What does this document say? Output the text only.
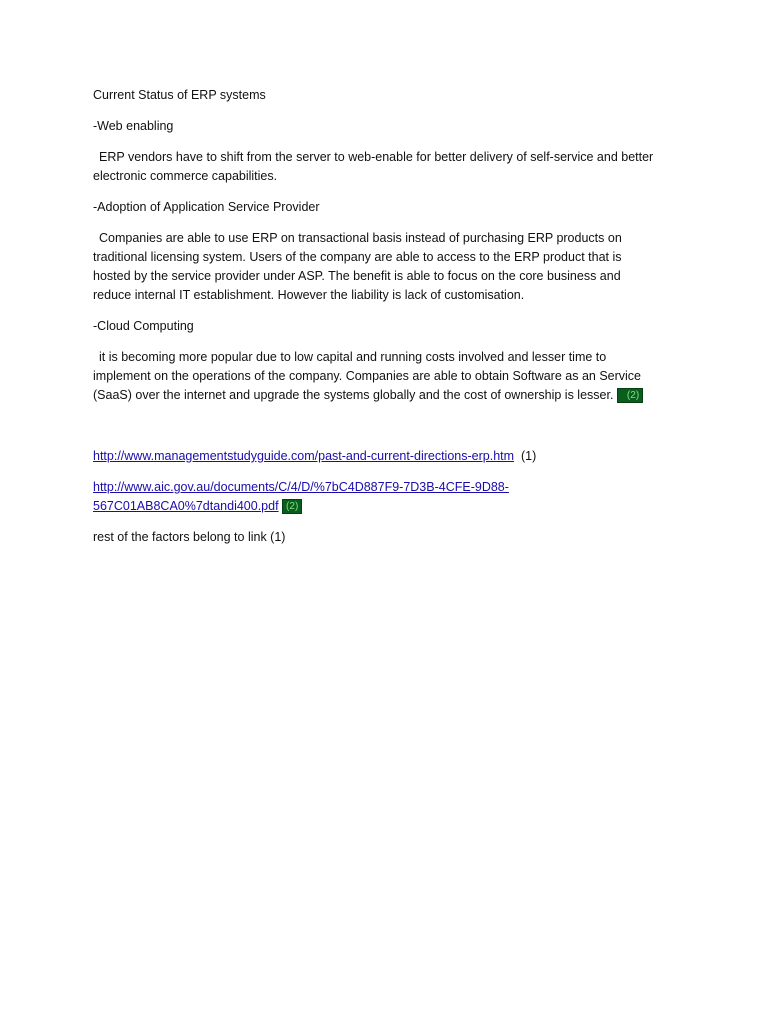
Current Status of ERP systems

-Web enabling

ERP vendors have to shift from the server to web-enable for better delivery of self-service and better electronic commerce capabilities.

-Adoption of Application Service Provider

Companies are able to use ERP on transactional basis instead of purchasing ERP products on traditional licensing system. Users of the company are able to access to the ERP product that is hosted by the service provider under ASP. The benefit is able to focus on the core business and reduce internal IT establishment. However the liability is lack of customisation.

-Cloud Computing

it is becoming more popular due to low capital and running costs involved and lesser time to implement on the operations of the company. Companies are able to obtain Software as an Service (SaaS) over the internet and upgrade the systems globally and the cost of ownership is lesser. (2)

http://www.managementstudyguide.com/past-and-current-directions-erp.htm (1)

http://www.aic.gov.au/documents/C/4/D/%7bC4D887F9-7D3B-4CFE-9D88-567C01AB8CA0%7dtandi400.pdf (2)

rest of the factors belong to link (1)
